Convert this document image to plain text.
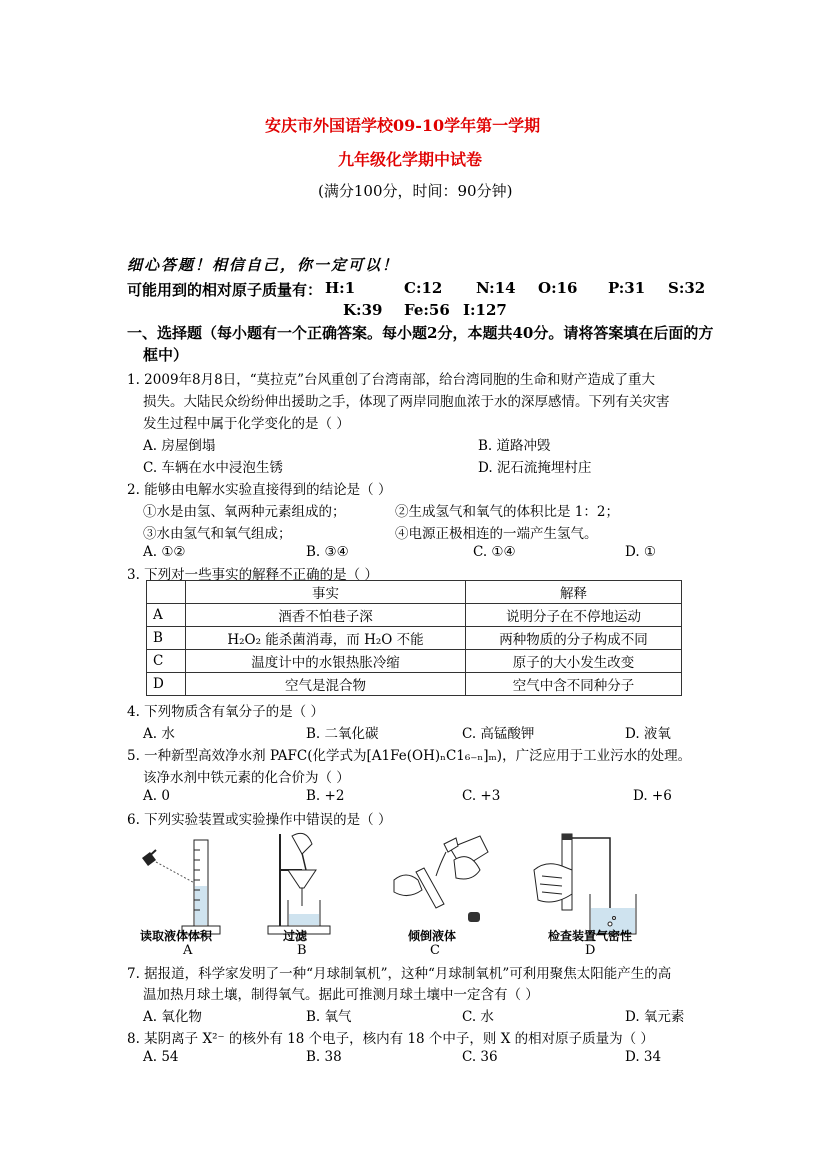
安庆市外国语学校09-10学年第一学期
九年级化学期中试卷
(满分100分，时间：90分钟)
细心答题！相信自己，你一定可以！
可能用到的相对原子质量有： H:1	C:12 N:14 O:16 P:31 S:32
K:39 Fe:56 I:127
一、选择题（每小题有一个正确答案。每小题2分，本题共40分。请将答案填在后面的方
框中）
1. 2009年8月8日，“莫拉克”台风重创了台湾南部，给台湾同胞的生命和财产造成了重大
损失。大陆民众纷纷伸出援助之手，体现了两岸同胞血浓于水的深厚感情。下列有关灾害
发生过程中属于化学变化的是（ ）
A. 房屋倒塌	B. 道路冲毁
C. 车辆在水中浸泡生锈	D. 泥石流掩埋村庄
2. 能够由电解水实验直接得到的结论是（ ）
①水是由氢、氧两种元素组成的；	②生成氢气和氧气的体积比是 1：2；
③水由氢气和氧气组成；	④电源正极相连的一端产生氢气。
A. ①②	B. ③④	C. ①④	D. ①
3. 下列对一些事实的解释不正确的是（ ）
	事实	解释
A	酒香不怕巷子深	说明分子在不停地运动
B	H₂O₂ 能杀菌消毒，而 H₂O 不能	两种物质的分子构成不同
C	温度计中的水银热胀冷缩	原子的大小发生改变
D	空气是混合物	空气中含不同种分子
4. 下列物质含有氧分子的是（ ）
A. 水	B. 二氧化碳	C. 高锰酸钾	D. 液氧
5. 一种新型高效净水剂 PAFC(化学式为[A1Fe(OH)ₙC1₆₋ₙ]ₘ)，广泛应用于工业污水的处理。
该净水剂中铁元素的化合价为（ ）
A. 0	B. +2	C. +3	D. +6
6. 下列实验装置或实验操作中错误的是（ ）
读取液体体积
A
过滤
B
倾倒液体
C
检查装置气密性
D
7. 据报道，科学家发明了一种“月球制氧机”，这种“月球制氧机”可利用聚焦太阳能产生的高
温加热月球土壤，制得氧气。据此可推测月球土壤中一定含有（ ）
A. 氧化物	B. 氧气	C. 水	D. 氧元素
8. 某阴离子 X²⁻ 的核外有 18 个电子，核内有 18 个中子，则 X 的相对原子质量为（ ）
A. 54	B. 38	C. 36	D. 34
